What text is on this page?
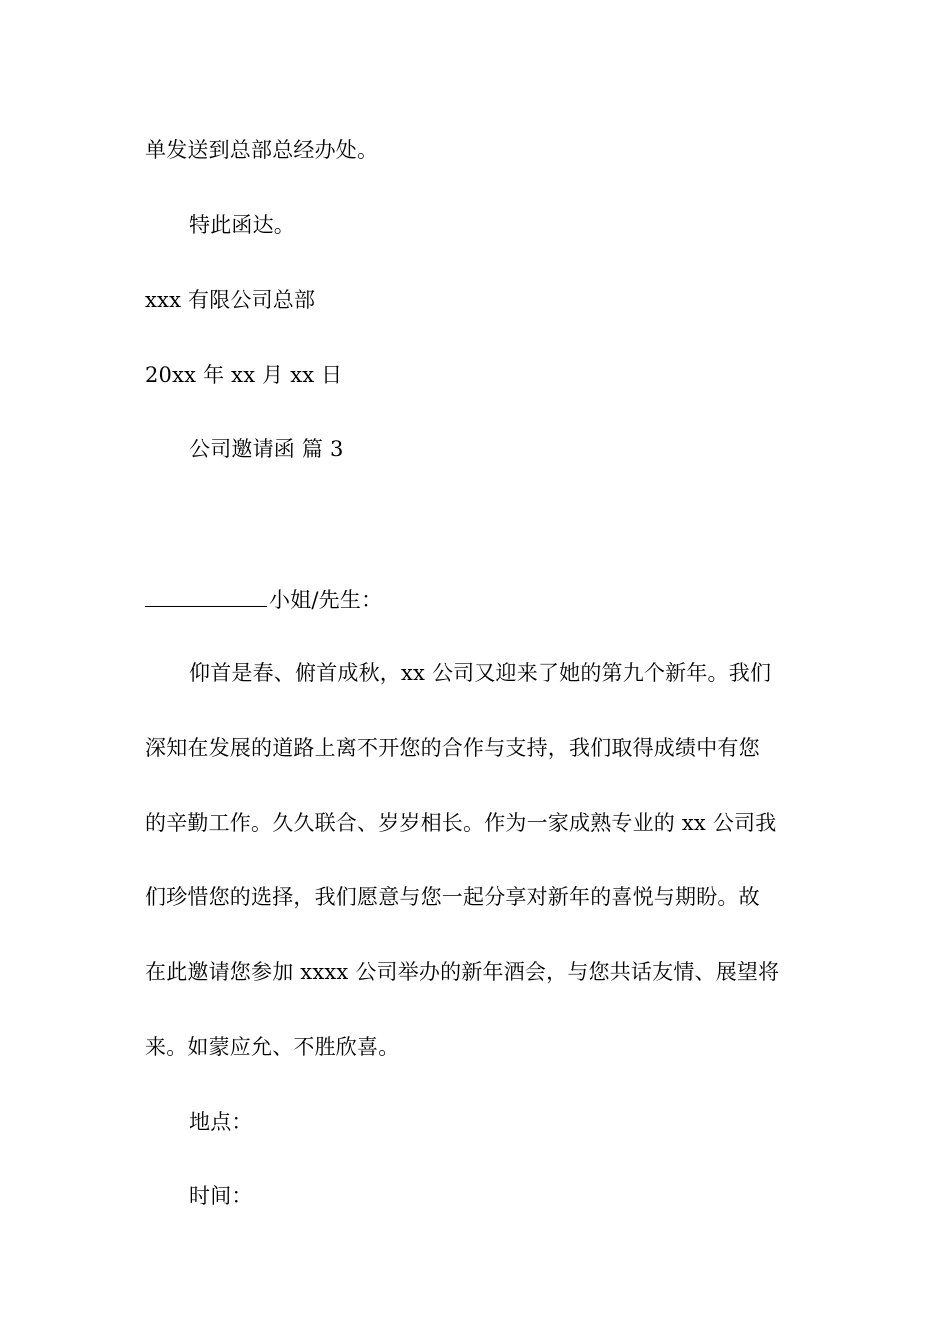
单发送到总部总经办处。
特此函达。
xxx 有限公司总部
20xx 年 xx 月 xx 日
公司邀请函 篇 3
小姐/先生：
仰首是春、俯首成秋，xx 公司又迎来了她的第九个新年。我们
深知在发展的道路上离不开您的合作与支持，我们取得成绩中有您
的辛勤工作。久久联合、岁岁相长。作为一家成熟专业的 xx 公司我
们珍惜您的选择，我们愿意与您一起分享对新年的喜悦与期盼。故
在此邀请您参加 xxxx 公司举办的新年酒会，与您共话友情、展望将
来。如蒙应允、不胜欣喜。
地点：
时间：
